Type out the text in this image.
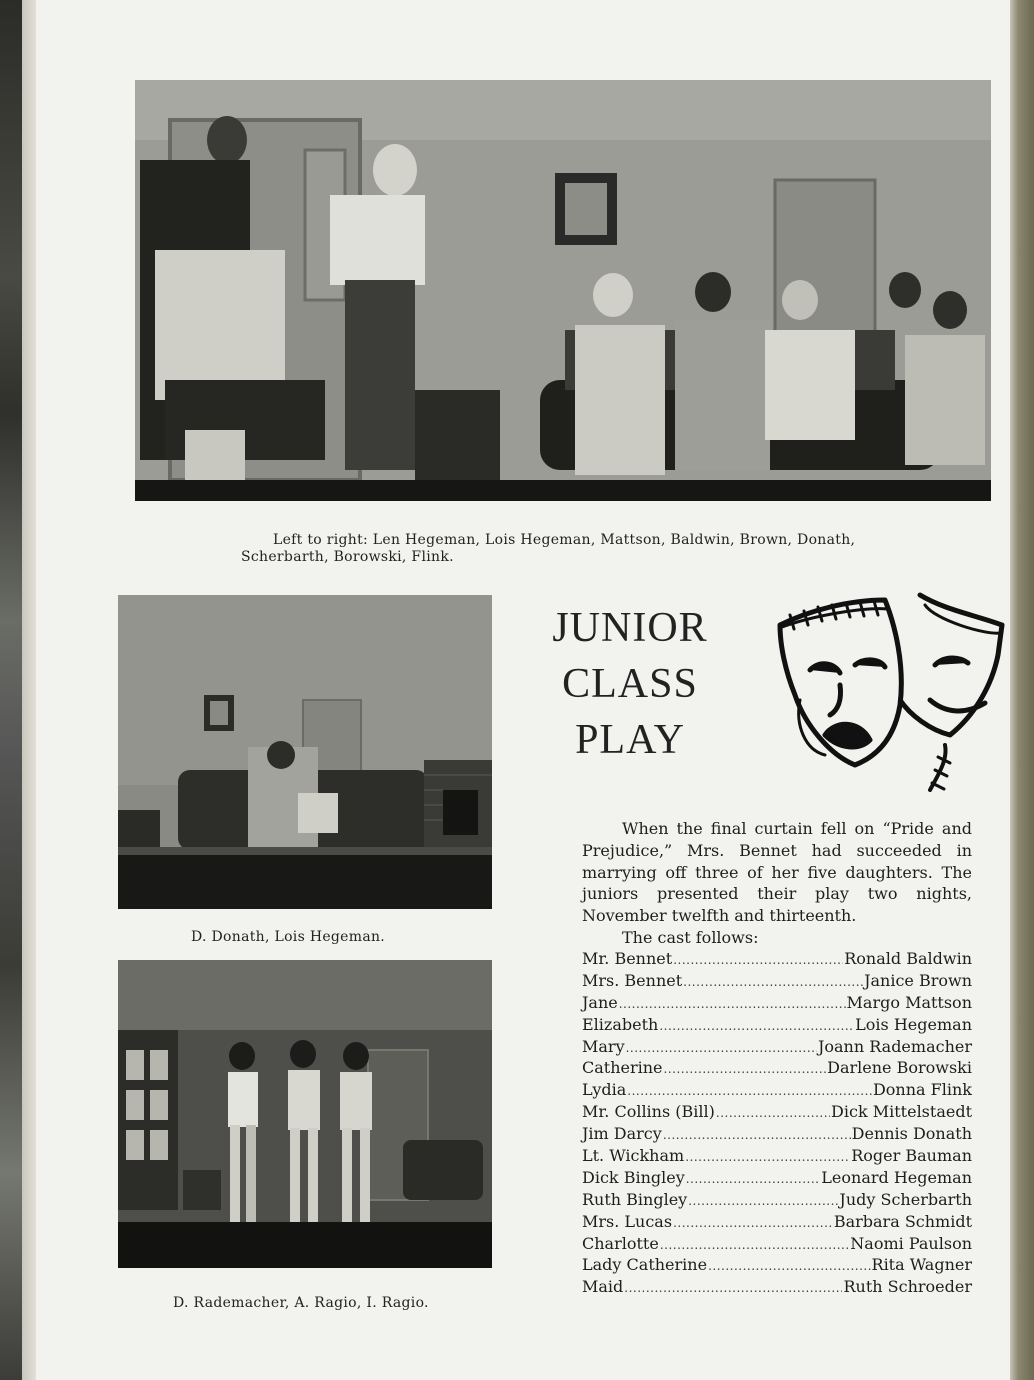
Left to right: Len Hegeman, Lois Hegeman, Mattson, Baldwin, Brown, Donath,
Scherbarth, Borowski, Flink.
D. Donath, Lois Hegeman.
D. Rademacher, A. Ragio, I. Ragio.
JUNIOR
CLASS
PLAY

When the final curtain fell on “Pride and Prejudice,” Mrs. Bennet had succeeded in marrying off three of her five daughters. The juniors presented their play two nights, November twelfth and thirteenth.

The cast follows:

Mr. Bennet .....	Ronald Baldwin
Mrs. Bennet .....	Janice Brown
Jane .....	Margo Mattson
Elizabeth .....	Lois Hegeman
Mary .....	Joann Rademacher
Catherine .....	Darlene Borowski
Lydia .....	Donna Flink
Mr. Collins (Bill) .....	Dick Mittelstaedt
Jim Darcy .....	Dennis Donath
Lt. Wickham .....	Roger Bauman
Dick Bingley .....	Leonard Hegeman
Ruth Bingley .....	Judy Scherbarth
Mrs. Lucas .....	Barbara Schmidt
Charlotte .....	Naomi Paulson
Lady Catherine .....	Rita Wagner
Maid .....	Ruth Schroeder
